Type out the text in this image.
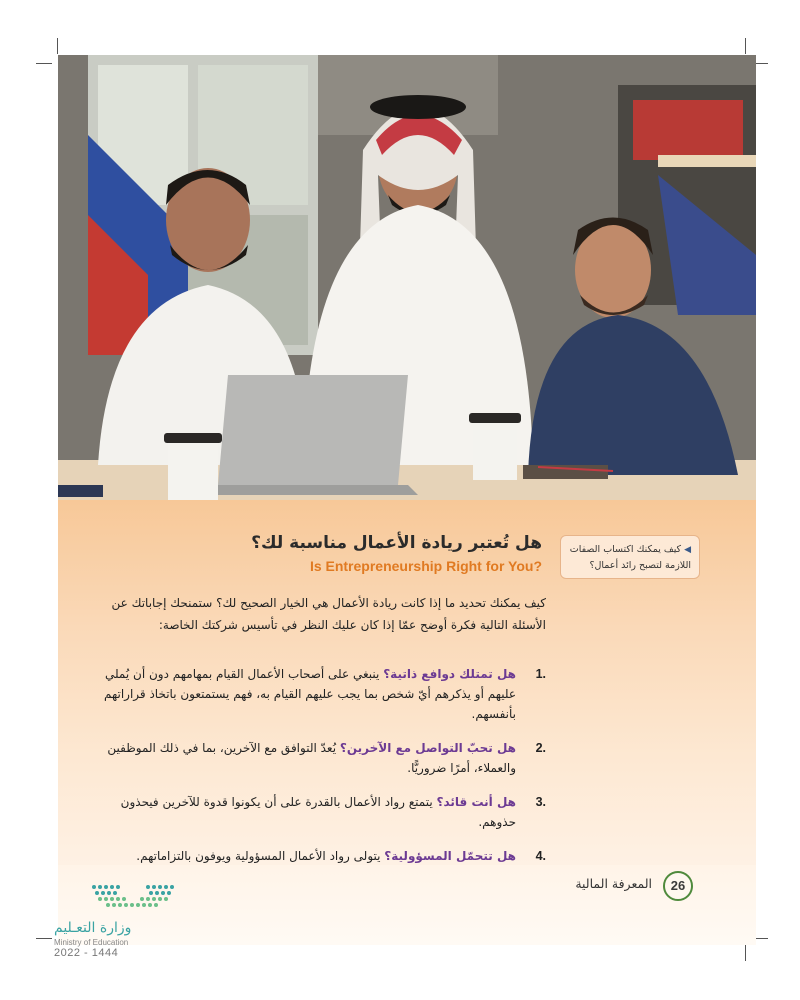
◀كيف يمكنك اكتساب الصفات اللازمة لتصبح رائد أعمال؟
هل تُعتبر ريادة الأعمال مناسبة لك؟
Is Entrepreneurship Right for You?

كيف يمكنك تحديد ما إذا كانت ريادة الأعمال هي الخيار الصحيح لك؟ ستمنحك إجاباتك عن الأسئلة التالية فكرة أوضح عمّا إذا كان عليك النظر في تأسيس شركتك الخاصة:

1.
هل تمتلك دوافع ذاتية؟ ينبغي على أصحاب الأعمال القيام بمهامهم دون أن يُملي عليهم أو يذكرهم أيّ شخص بما يجب عليهم القيام به، فهم يستمتعون باتخاذ قراراتهم بأنفسهم.
2.
هل تحبّ التواصل مع الآخرين؟ يُعدّ التوافق مع الآخرين، بما في ذلك الموظفين والعملاء، أمرًا ضروريًّا.
3.
هل أنت قائد؟ يتمتع رواد الأعمال بالقدرة على أن يكونوا قدوة للآخرين فيحذون حذوهم.
4.
هل تتحمّل المسؤولية؟ يتولى رواد الأعمال المسؤولية ويوفون بالتزاماتهم.
26
المعرفة المالية
وزارة التعـليم
Ministry of Education
2022 - 1444
